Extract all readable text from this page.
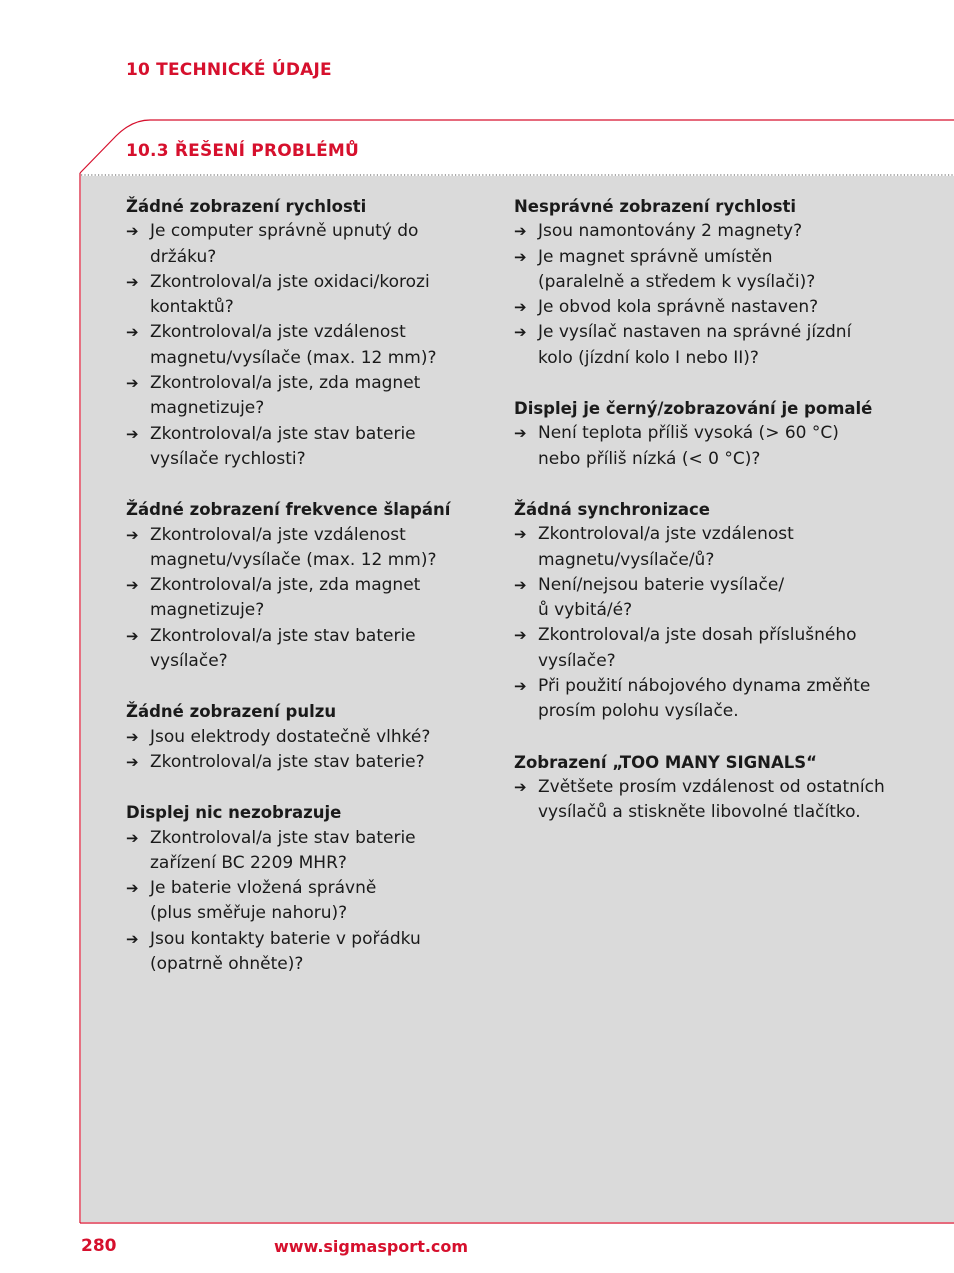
10 TECHNICKÉ ÚDAJE
10.3 ŘEŠENÍ PROBLÉMŮ
Žádné zobrazení rychlosti
➔ Je computer správně upnutý do
držáku?
➔ Zkontroloval/a jste oxidaci/korozi
kontaktů?
➔ Zkontroloval/a jste vzdálenost
magnetu/vysílače (max. 12 mm)?
➔ Zkontroloval/a jste, zda magnet
magnetizuje?
➔ Zkontroloval/a jste stav baterie
vysílače rychlosti?
Žádné zobrazení frekvence šlapání
➔ Zkontroloval/a jste vzdálenost
magnetu/vysílače (max. 12 mm)?
➔ Zkontroloval/a jste, zda magnet
magnetizuje?
➔ Zkontroloval/a jste stav baterie
vysílače?
Žádné zobrazení pulzu
➔ Jsou elektrody dostatečně vlhké?
➔ Zkontroloval/a jste stav baterie?
Displej nic nezobrazuje
➔ Zkontroloval/a jste stav baterie
zařízení BC 2209 MHR?
➔ Je baterie vložená správně
(plus směřuje nahoru)?
➔ Jsou kontakty baterie v pořádku
(opatrně ohněte)?
Nesprávné zobrazení rychlosti
➔ Jsou namontovány 2 magnety?
➔ Je magnet správně umístěn
(paralelně a středem k vysílači)?
➔ Je obvod kola správně nastaven?
➔ Je vysílač nastaven na správné jízdní
kolo (jízdní kolo I nebo II)?
Displej je černý/zobrazování je pomalé
➔ Není teplota příliš vysoká (> 60 °C)
nebo příliš nízká (< 0 °C)?
Žádná synchronizace
➔ Zkontroloval/a jste vzdálenost
magnetu/vysílače/ů?
➔ Není/nejsou baterie vysílače/
ů vybitá/é?
➔ Zkontroloval/a jste dosah příslušného
vysílače?
➔ Při použití nábojového dynama změňte
prosím polohu vysílače.
Zobrazení „TOO MANY SIGNALS“
➔ Zvětšete prosím vzdálenost od ostatních
vysílačů a stiskněte libovolné tlačítko.
280	www.sigmasport.com
